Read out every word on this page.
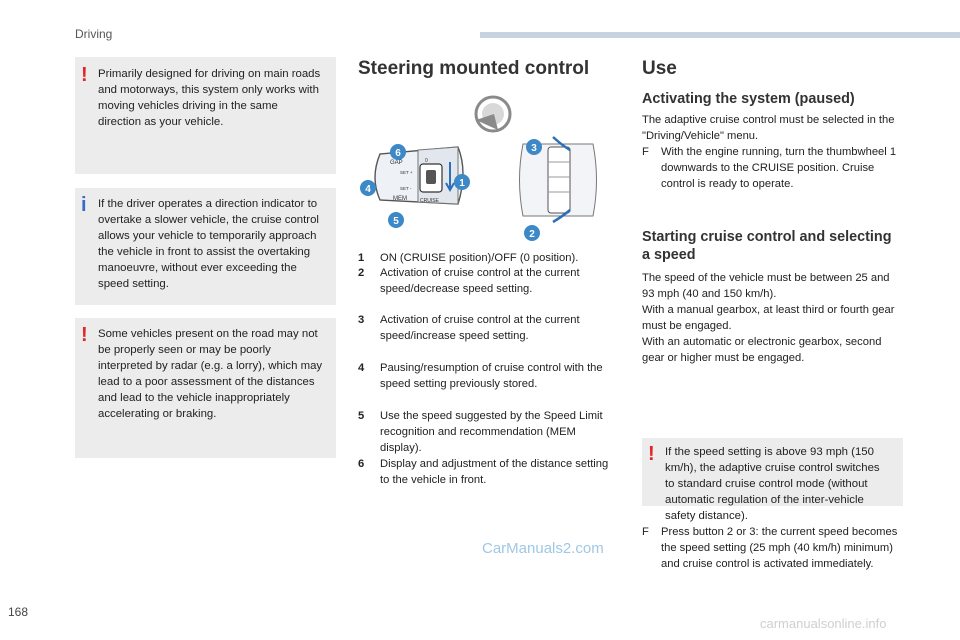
Driving
! Primarily designed for driving on main roads and motorways, this system only works with moving vehicles driving in the same direction as your vehicle.
i If the driver operates a direction indicator to overtake a slower vehicle, the cruise control allows your vehicle to temporarily approach the vehicle in front to assist the overtaking manoeuvre, without ever exceeding the speed setting.
! Some vehicles present on the road may not be properly seen or may be poorly interpreted by radar (e.g. a lorry), which may lead to a poor assessment of the distances and lead to the vehicle inappropriately accelerating or braking.
Steering mounted control
GAP
MEM	CRUISE
0
SET +
SET -
6
4
5
1
3
2
1 ON (CRUISE position)/OFF (0 position).
2 Activation of cruise control at the current speed/decrease speed setting.
3 Activation of cruise control at the current speed/increase speed setting.
4 Pausing/resumption of cruise control with the speed setting previously stored.
5 Use the speed suggested by the Speed Limit recognition and recommendation (MEM display).
6 Display and adjustment of the distance setting to the vehicle in front.
Use
Activating the system (paused)
The adaptive cruise control must be selected in the "Driving/Vehicle" menu.
F With the engine running, turn the thumbwheel 1 downwards to the CRUISE position. Cruise control is ready to operate.
Starting cruise control and selecting a speed
The speed of the vehicle must be between 25 and 93 mph (40 and 150 km/h).
With a manual gearbox, at least third or fourth gear must be engaged.
With an automatic or electronic gearbox, second gear or higher must be engaged.
! If the speed setting is above 93 mph (150 km/h), the adaptive cruise control switches to standard cruise control mode (without automatic regulation of the inter-vehicle safety distance).
F Press button 2 or 3: the current speed becomes the speed setting (25 mph (40 km/h) minimum) and cruise control is activated immediately.
168
CarManuals2.com
carmanualsonline.info
